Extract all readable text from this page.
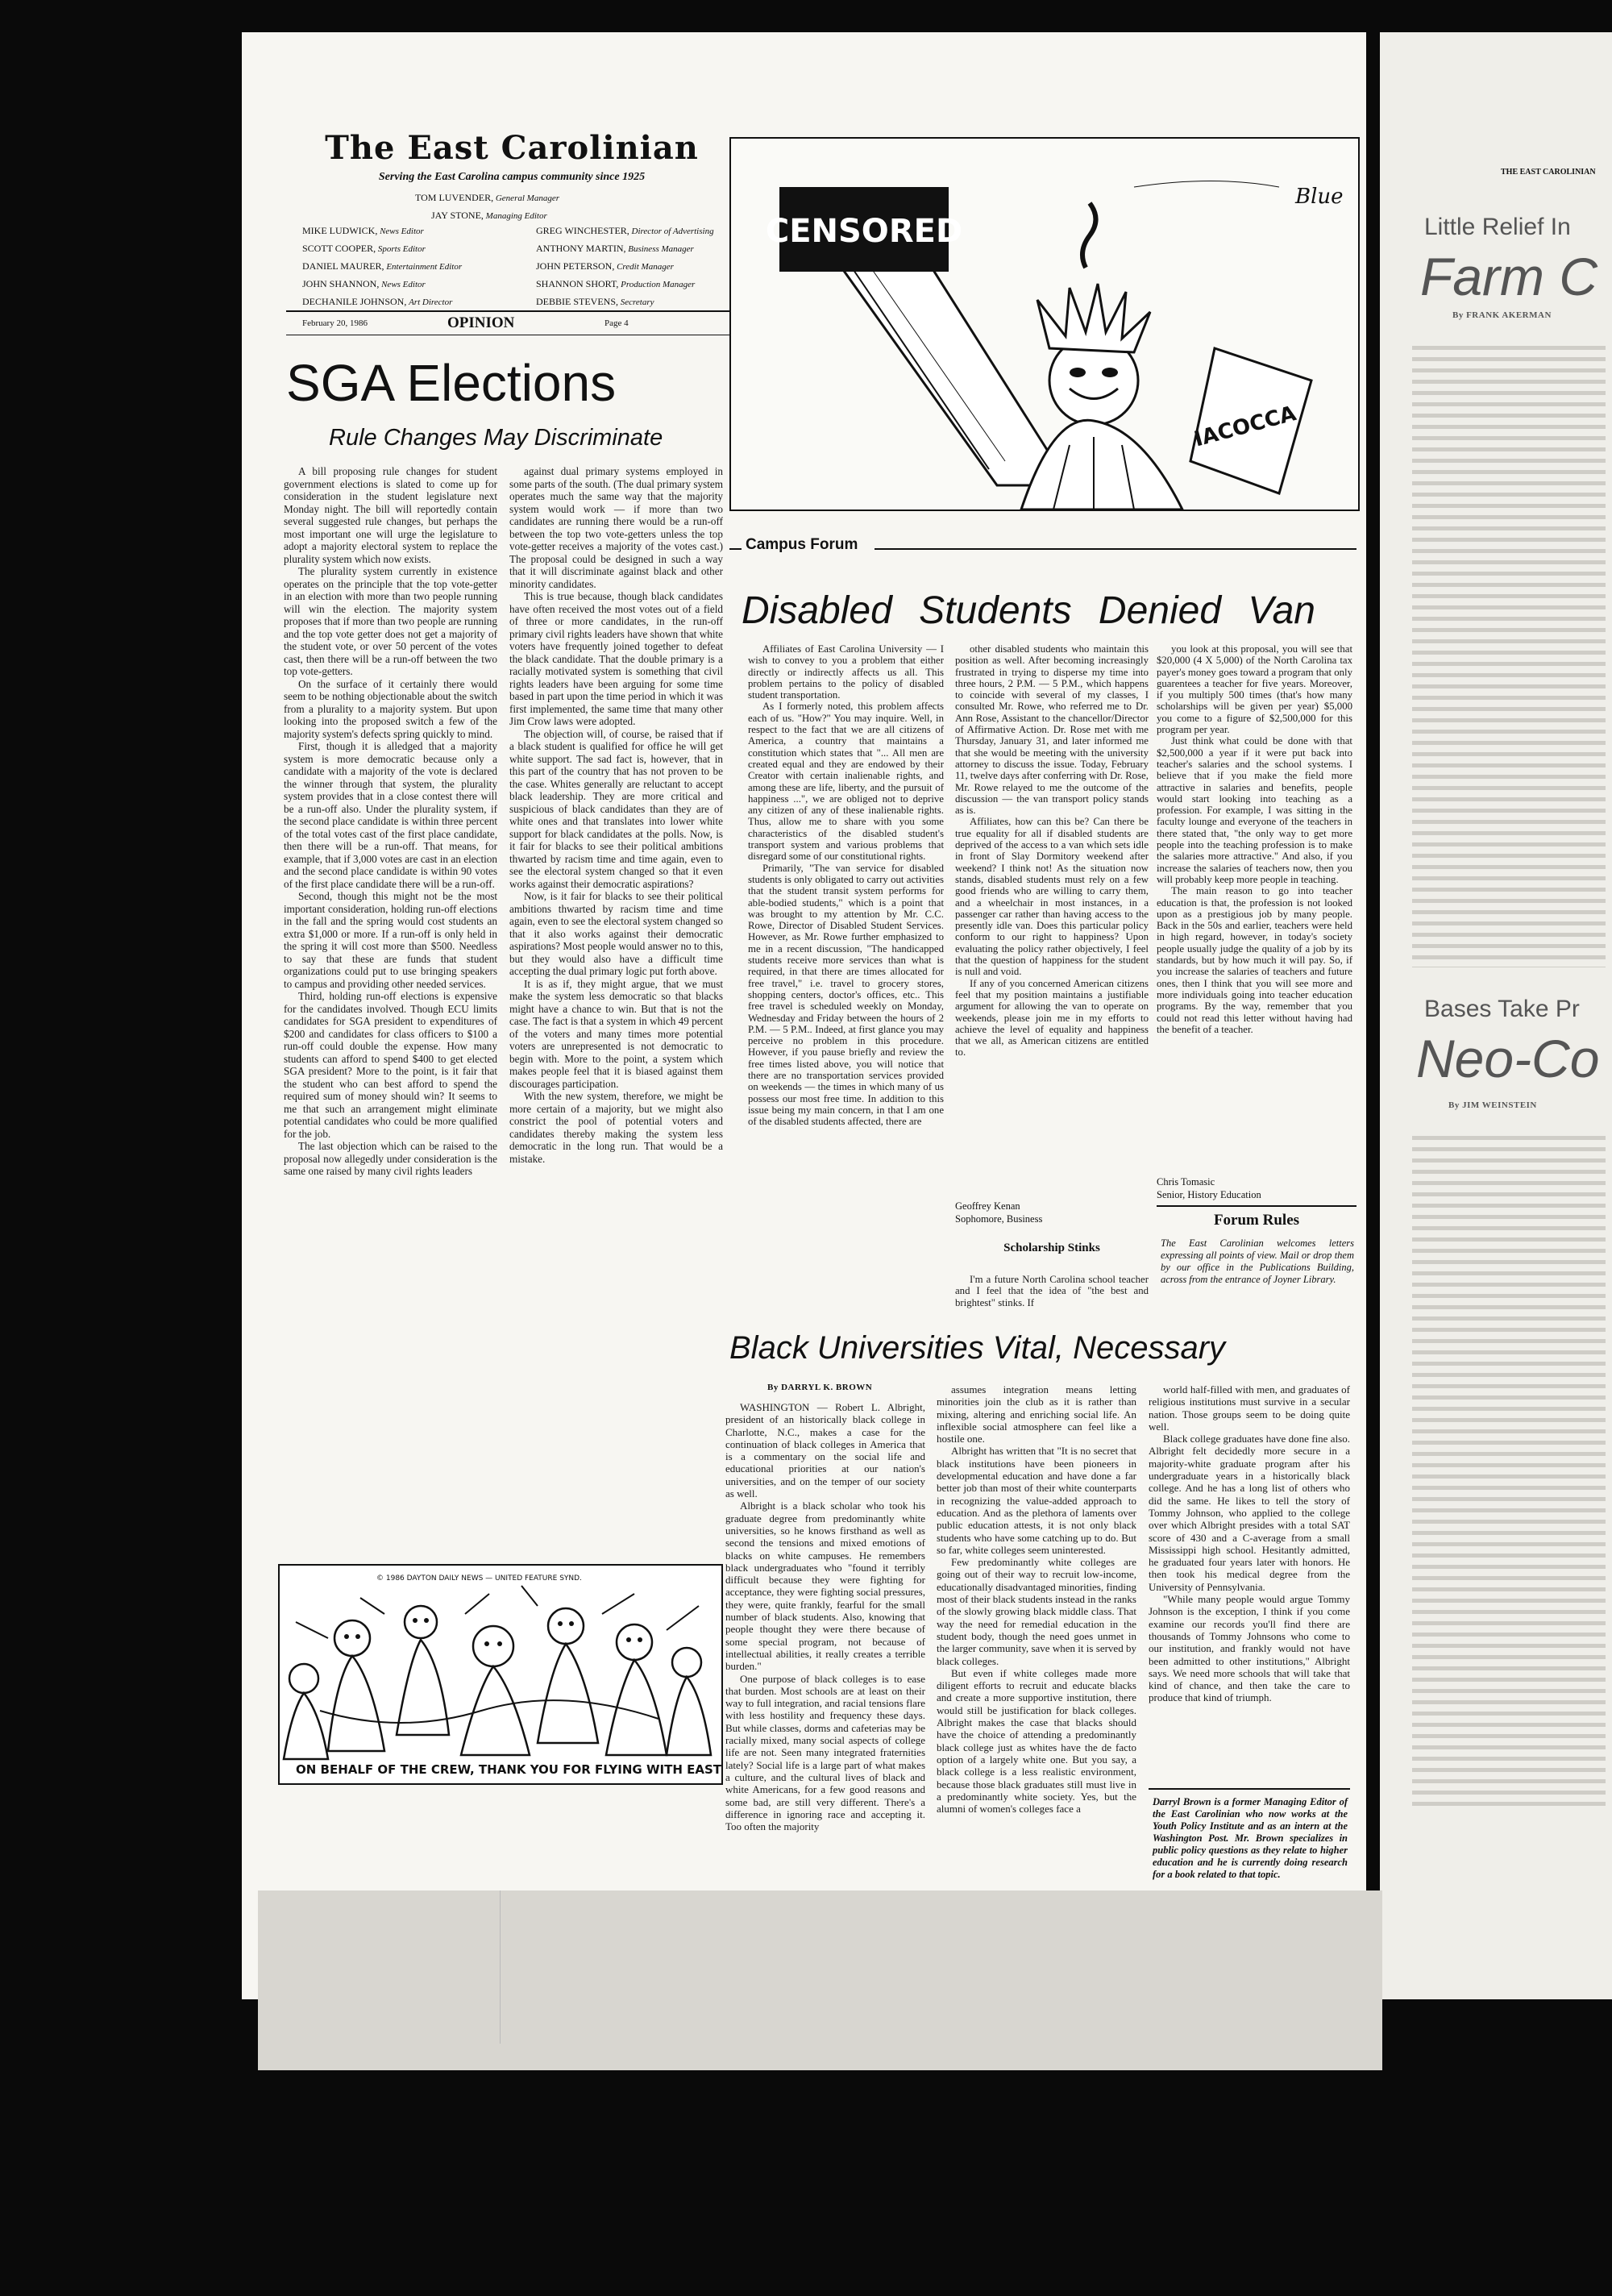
The East Carolinian
Serving the East Carolina campus community since 1925
TOM LUVENDER, General Manager
JAY STONE, Managing Editor
MIKE LUDWICK, News Editor
SCOTT COOPER, Sports Editor
DANIEL MAURER, Entertainment Editor
JOHN SHANNON, News Editor
DECHANILE JOHNSON, Art Director
GREG WINCHESTER, Director of Advertising
ANTHONY MARTIN, Business Manager
JOHN PETERSON, Credit Manager
SHANNON SHORT, Production Manager
DEBBIE STEVENS, Secretary
February 20, 1986	OPINION	Page 4
SGA Elections
Rule Changes May Discriminate

A bill proposing rule changes for student government elections is slated to come up for consideration in the student legislature next Monday night. The bill will reportedly contain several suggested rule changes, but perhaps the most important one will urge the legislature to adopt a majority electoral system to replace the plurality system which now exists.

The plurality system currently in existence operates on the principle that the top vote-getter in an election with more than two people running will win the election. The majority system proposes that if more than two people are running and the top vote getter does not get a majority of the student vote, or over 50 percent of the votes cast, then there will be a run-off between the two top vote-getters.

On the surface of it certainly there would seem to be nothing objectionable about the switch from a plurality to a majority system. But upon looking into the proposed switch a few of the majority system's defects spring quickly to mind.

First, though it is alledged that a majority system is more democratic because only a candidate with a majority of the vote is declared the winner through that system, the plurality system provides that in a close contest there will be a run-off also. Under the plurality system, if the second place candidate is within three percent of the total votes cast of the first place candidate, then there will be a run-off. That means, for example, that if 3,000 votes are cast in an election and the second place candidate is within 90 votes of the first place candidate there will be a run-off.

Second, though this might not be the most important consideration, holding run-off elections in the fall and the spring would cost students an extra $1,000 or more. If a run-off is only held in the spring it will cost more than $500. Needless to say that these are funds that student organizations could put to use bringing speakers to campus and providing other needed services.

Third, holding run-off elections is expensive for the candidates involved. Though ECU limits candidates for SGA president to expenditures of $200 and candidates for class officers to $100 a run-off could double the expense. How many students can afford to spend $400 to get elected SGA president? More to the point, is it fair that the student who can best afford to spend the required sum of money should win? It seems to me that such an arrangement might eliminate potential candidates who could be more qualified for the job.

The last objection which can be raised to the proposal now allegedly under consideration is the same one raised by many civil rights leaders

against dual primary systems employed in some parts of the south. (The dual primary system operates much the same way that the majority system would work — if more than two candidates are running there would be a run-off between the top two vote-getters unless the top vote-getter receives a majority of the votes cast.) The proposal could be designed in such a way that it will discriminate against black and other minority candidates.

This is true because, though black candidates have often received the most votes out of a field of three or more candidates, in the run-off primary civil rights leaders have shown that white voters have frequently joined together to defeat the black candidate. That the double primary is a racially motivated system is something that civil rights leaders have been arguing for some time based in part upon the time period in which it was first implemented, the same time that many other Jim Crow laws were adopted.

The objection will, of course, be raised that if a black student is qualified for office he will get white support. The sad fact is, however, that in this part of the country that has not proven to be the case. Whites generally are reluctant to accept black leadership. They are more critical and suspicious of black candidates than they are of white ones and that translates into lower white support for black candidates at the polls. Now, is it fair for blacks to see their political ambitions thwarted by racism time and time again, even to see the electoral system changed so that it even works against their democratic aspirations?

Now, is it fair for blacks to see their political ambitions thwarted by racism time and time again, even to see the electoral system changed so that it also works against their democratic aspirations? Most people would answer no to this, but they would also have a difficult time accepting the dual primary logic put forth above.

It is as if, they might argue, that we must make the system less democratic so that blacks might have a chance to win. But that is not the case. The fact is that a system in which 49 percent of the voters and many times more potential voters are unrepresented is not democratic to begin with. More to the point, a system which makes people feel that it is biased against them discourages participation.

With the new system, therefore, we might be more certain of a majority, but we might also constrict the pool of potential voters and candidates thereby making the system less democratic in the long run. That would be a mistake.

CENSORED
IACOCCA
Blue
Campus Forum
Disabled Students Denied Van

Affiliates of East Carolina University — I wish to convey to you a problem that either directly or indirectly affects us all. This problem pertains to the policy of disabled student transportation.

As I formerly noted, this problem affects each of us. "How?" You may inquire. Well, in respect to the fact that we are all citizens of America, a country that maintains a constitution which states that "... All men are created equal and they are endowed by their Creator with certain inalienable rights, and among these are life, liberty, and the pursuit of happiness ...", we are obliged not to deprive any citizen of any of these inalienable rights. Thus, allow me to share with you some characteristics of the disabled student's transport system and various problems that disregard some of our constitutional rights.

Primarily, "The van service for disabled students is only obligated to carry out activities that the student transit system performs for able-bodied students," which is a point that was brought to my attention by Mr. C.C. Rowe, Director of Disabled Student Services. However, as Mr. Rowe further emphasized to me in a recent discussion, "The handicapped students receive more services than what is required, in that there are times allocated for free travel," i.e. travel to grocery stores, shopping centers, doctor's offices, etc.. This free travel is scheduled weekly on Monday, Wednesday and Friday between the hours of 2 P.M. — 5 P.M.. Indeed, at first glance you may perceive no problem in this procedure. However, if you pause briefly and review the free times listed above, you will notice that there are no transportation services provided on weekends — the times in which many of us possess our most free time. In addition to this issue being my main concern, in that I am one of the disabled students affected, there are

other disabled students who maintain this position as well. After becoming increasingly frustrated in trying to disperse my time into three hours, 2 P.M. — 5 P.M., which happens to coincide with several of my classes, I consulted Mr. Rowe, who referred me to Dr. Ann Rose, Assistant to the chancellor/Director of Affirmative Action. Dr. Rose met with me Thursday, January 31, and later informed me that she would be meeting with the university attorney to discuss the issue. Today, February 11, twelve days after conferring with Dr. Rose, Mr. Rowe relayed to me the outcome of the discussion — the van transport policy stands as is.

Affiliates, how can this be? Can there be true equality for all if disabled students are deprived of the access to a van which sets idle in front of Slay Dormitory weekend after weekend? I think not! As the situation now stands, disabled students must rely on a few good friends who are willing to carry them, and a wheelchair in most instances, in a passenger car rather than having access to the presently idle van. Does this particular policy conform to our right to happiness? Upon evaluating the policy rather objectively, I feel that the question of happiness for the student is null and void.

If any of you concerned American citizens feel that my position maintains a justifiable argument for allowing the van to operate on weekends, please join me in my efforts to achieve the level of equality and happiness that we all, as American citizens are entitled to.

Geoffrey Kenan
Sophomore, Business
Scholarship Stinks

I'm a future North Carolina school teacher and I feel that the idea of "the best and brightest" stinks. If

you look at this proposal, you will see that $20,000 (4 X 5,000) of the North Carolina tax payer's money goes toward a program that only guarentees a teacher for five years. Moreover, if you multiply 500 times (that's how many scholarships will be given per year) $5,000 you come to a figure of $2,500,000 for this program per year.

Just think what could be done with that $2,500,000 a year if it were put back into teacher's salaries and the school systems. I believe that if you make the field more attractive in salaries and benefits, people would start looking into teaching as a profession. For example, I was sitting in the faculty lounge and everyone of the teachers in there stated that, "the only way to get more people into the teaching profession is to make the salaries more attractive." And also, if you increase the salaries of teachers now, then you will probably keep more people in teaching.

The main reason to go into teacher education is that, the profession is not looked upon as a prestigious job by many people. Back in the 50s and earlier, teachers were held in high regard, however, in today's society people usually judge the quality of a job by its standards, but by how much it will pay. So, if you increase the salaries of teachers and future ones, then I think that you will see more and more individuals going into teacher education programs. By the way, remember that you could not read this letter without having had the benefit of a teacher.

Chris Tomasic
Senior, History Education
Forum Rules
The East Carolinian welcomes letters expressing all points of view. Mail or drop them by our office in the Publications Building, across from the entrance of Joyner Library.
Black Universities Vital, Necessary
By DARRYL K. BROWN

WASHINGTON — Robert L. Albright, president of an historically black college in Charlotte, N.C., makes a case for the continuation of black colleges in America that is a commentary on the social life and educational priorities at our nation's universities, and on the temper of our society as well.

Albright is a black scholar who took his graduate degree from predominantly white universities, so he knows firsthand as well as second the tensions and mixed emotions of blacks on white campuses. He remembers black undergraduates who "found it terribly difficult because they were fighting for acceptance, they were fighting social pressures, they were, quite frankly, fearful for the small number of black students. Also, knowing that people thought they were there because of some special program, not because of intellectual abilities, it really creates a terrible burden."

One purpose of black colleges is to ease that burden. Most schools are at least on their way to full integration, and racial tensions flare with less hostility and frequency these days. But while classes, dorms and cafeterias may be racially mixed, many social aspects of college life are not. Seen many integrated fraternities lately? Social life is a large part of what makes a culture, and the cultural lives of black and white Americans, for a few good reasons and some bad, are still very different. There's a difference in ignoring race and accepting it. Too often the majority

assumes integration means letting minorities join the club as it is rather than mixing, altering and enriching social life. An inflexible social atmosphere can feel like a hostile one.

Albright has written that "It is no secret that black institutions have been pioneers in developmental education and have done a far better job than most of their white counterparts in recognizing the value-added approach to education. And as the plethora of laments over public education attests, it is not only black students who have some catching up to do. But so far, white colleges seem uninterested.

Few predominantly white colleges are going out of their way to recruit low-income, educationally disadvantaged minorities, finding most of their black students instead in the ranks of the slowly growing black middle class. That way the need for remedial education in the student body, though the need goes unmet in the larger community, save when it is served by black colleges.

But even if white colleges made more diligent efforts to recruit and educate blacks and create a more supportive institution, there would still be justification for black colleges. Albright makes the case that blacks should have the choice of attending a predominantly black college just as whites have the de facto option of a largely white one. But you say, a black college is a less realistic environment, because those black graduates still must live in a predominantly white society. Yes, but the alumni of women's colleges face a

world half-filled with men, and graduates of religious institutions must survive in a secular nation. Those groups seem to be doing quite well.

Black college graduates have done fine also. Albright felt decidedly more secure in a majority-white graduate program after his undergraduate years in a historically black college. And he has a long list of others who did the same. He likes to tell the story of Tommy Johnson, who applied to the college over which Albright presides with a total SAT score of 430 and a C-average from a small Mississippi high school. Hesitantly admitted, he graduated four years later with honors. He then took his medical degree from the University of Pennsylvania.

"While many people would argue Tommy Johnson is the exception, I think if you come examine our records you'll find there are thousands of Tommy Johnsons who come to our institution, and frankly would not have been admitted to other institutions," Albright says. We need more schools that will take that kind of chance, and then take the care to produce that kind of triumph.

Darryl Brown is a former Managing Editor of the East Carolinian who now works at the Youth Policy Institute and as an intern at the Washington Post. Mr. Brown specializes in public policy questions as they relate to higher education and he is currently doing research for a book related to that topic.
© 1986 DAYTON DAILY NEWS — UNITED FEATURE SYND.
ON BEHALF OF THE CREW, THANK YOU FOR FLYING WITH EASTERN...
THE EAST CAROLINIAN
Little Relief In
Farm C
By FRANK AKERMAN
Bases Take Pr
Neo-Co
By JIM WEINSTEIN
